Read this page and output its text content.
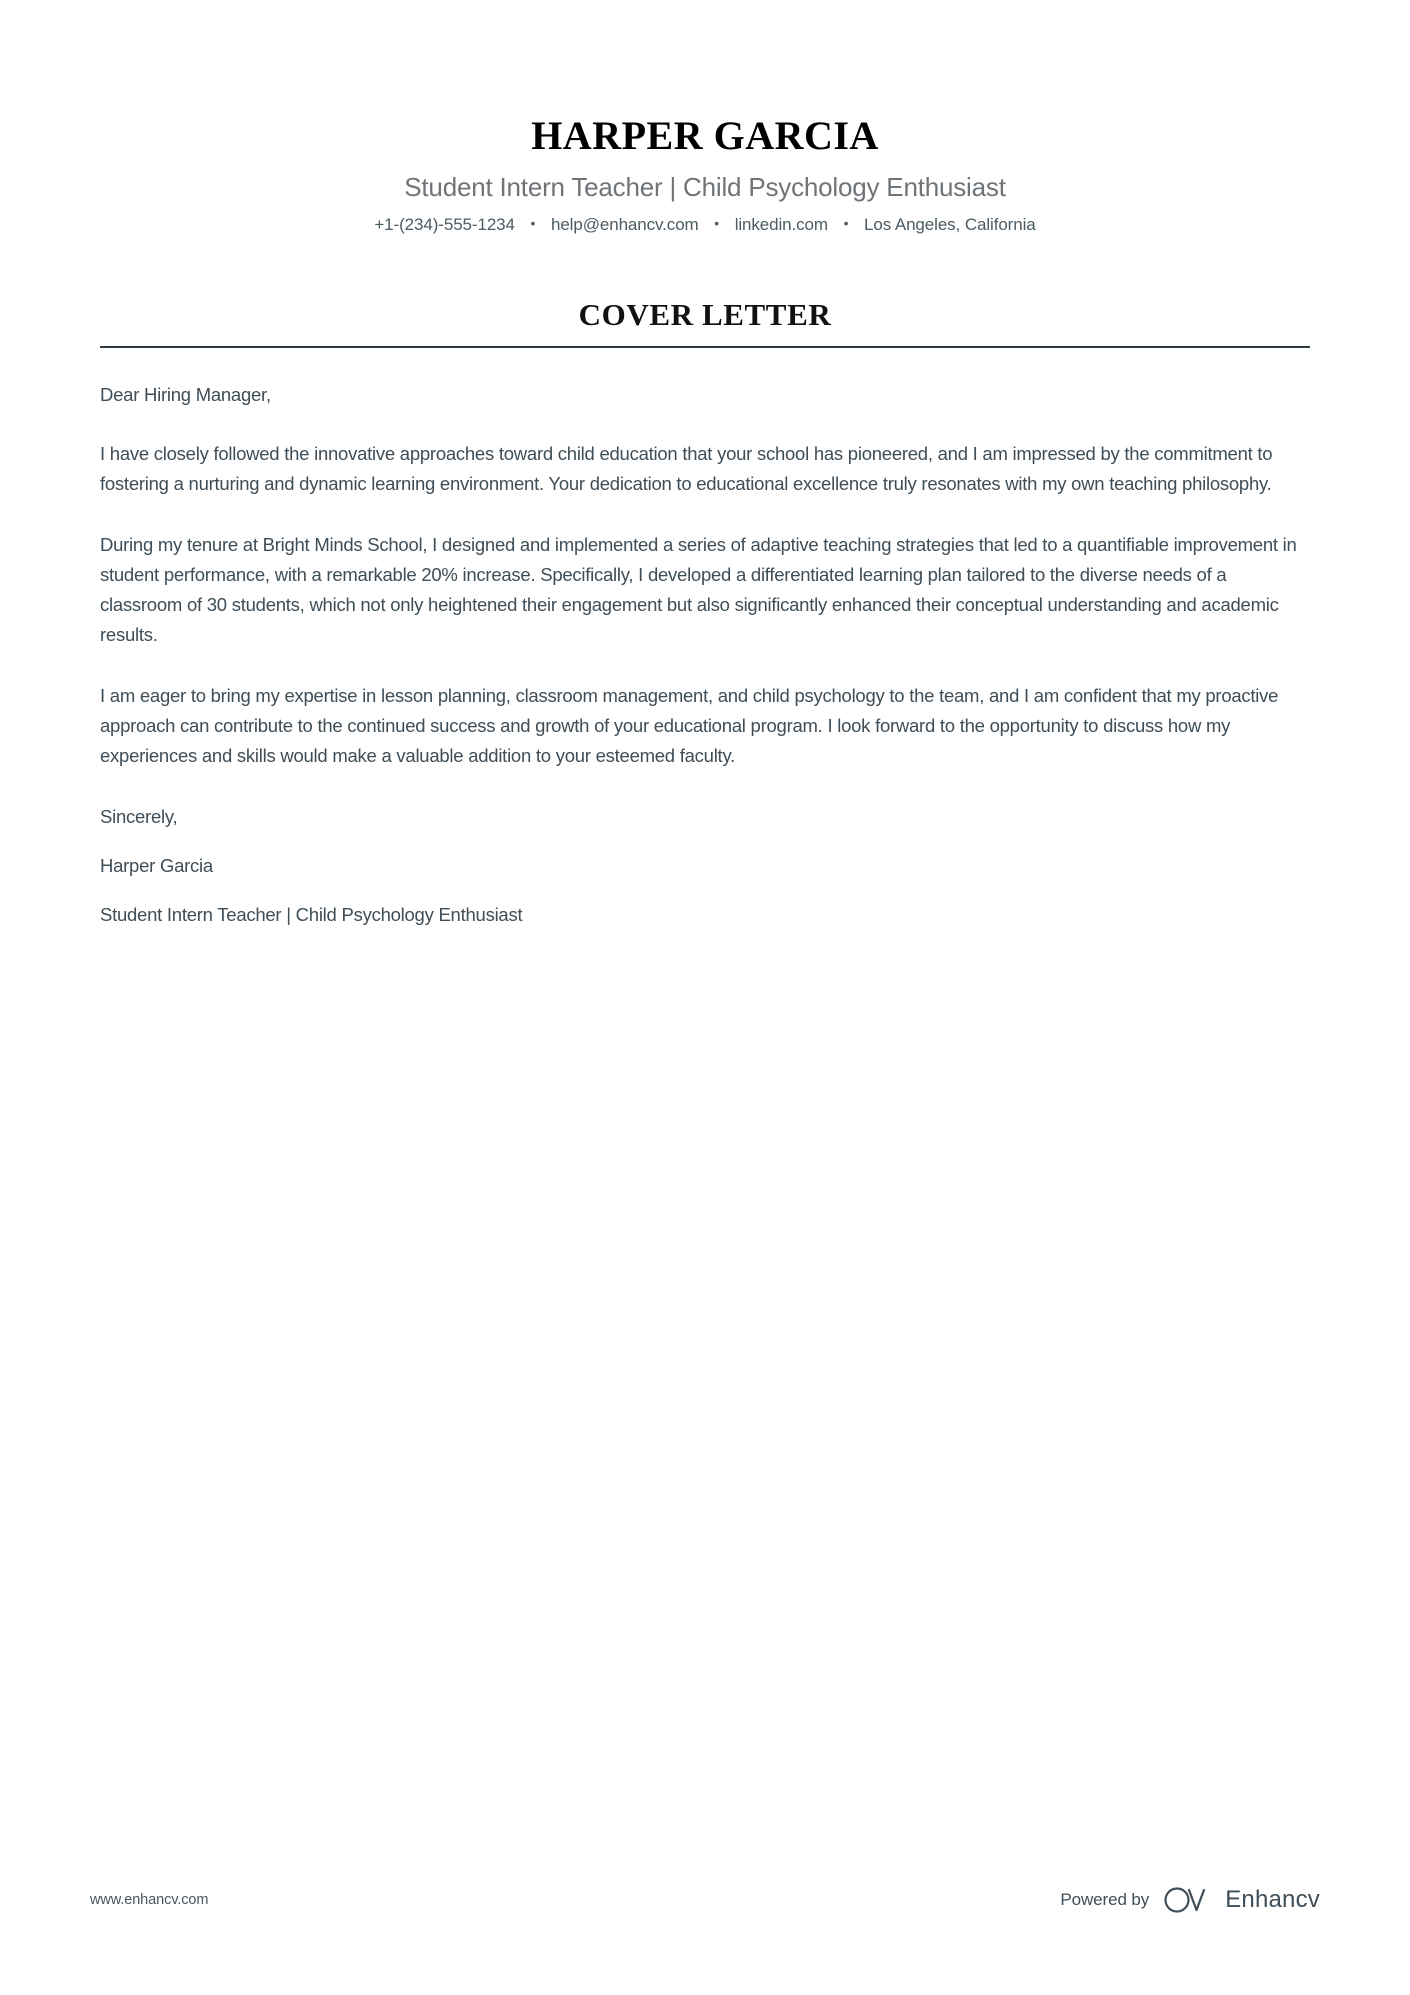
HARPER GARCIA
Student Intern Teacher | Child Psychology Enthusiast
+1-(234)-555-1234 • help@enhancv.com • linkedin.com • Los Angeles, California
COVER LETTER

Dear Hiring Manager,

I have closely followed the innovative approaches toward child education that your school has pioneered, and I am impressed by the commitment to fostering a nurturing and dynamic learning environment. Your dedication to educational excellence truly resonates with my own teaching philosophy.

During my tenure at Bright Minds School, I designed and implemented a series of adaptive teaching strategies that led to a quantifiable improvement in student performance, with a remarkable 20% increase. Specifically, I developed a differentiated learning plan tailored to the diverse needs of a classroom of 30 students, which not only heightened their engagement but also significantly enhanced their conceptual understanding and academic results.

I am eager to bring my expertise in lesson planning, classroom management, and child psychology to the team, and I am confident that my proactive approach can contribute to the continued success and growth of your educational program. I look forward to the opportunity to discuss how my experiences and skills would make a valuable addition to your esteemed faculty.

Sincerely,

Harper Garcia

Student Intern Teacher | Child Psychology Enthusiast

www.enhancv.com	Powered by	Enhancv
